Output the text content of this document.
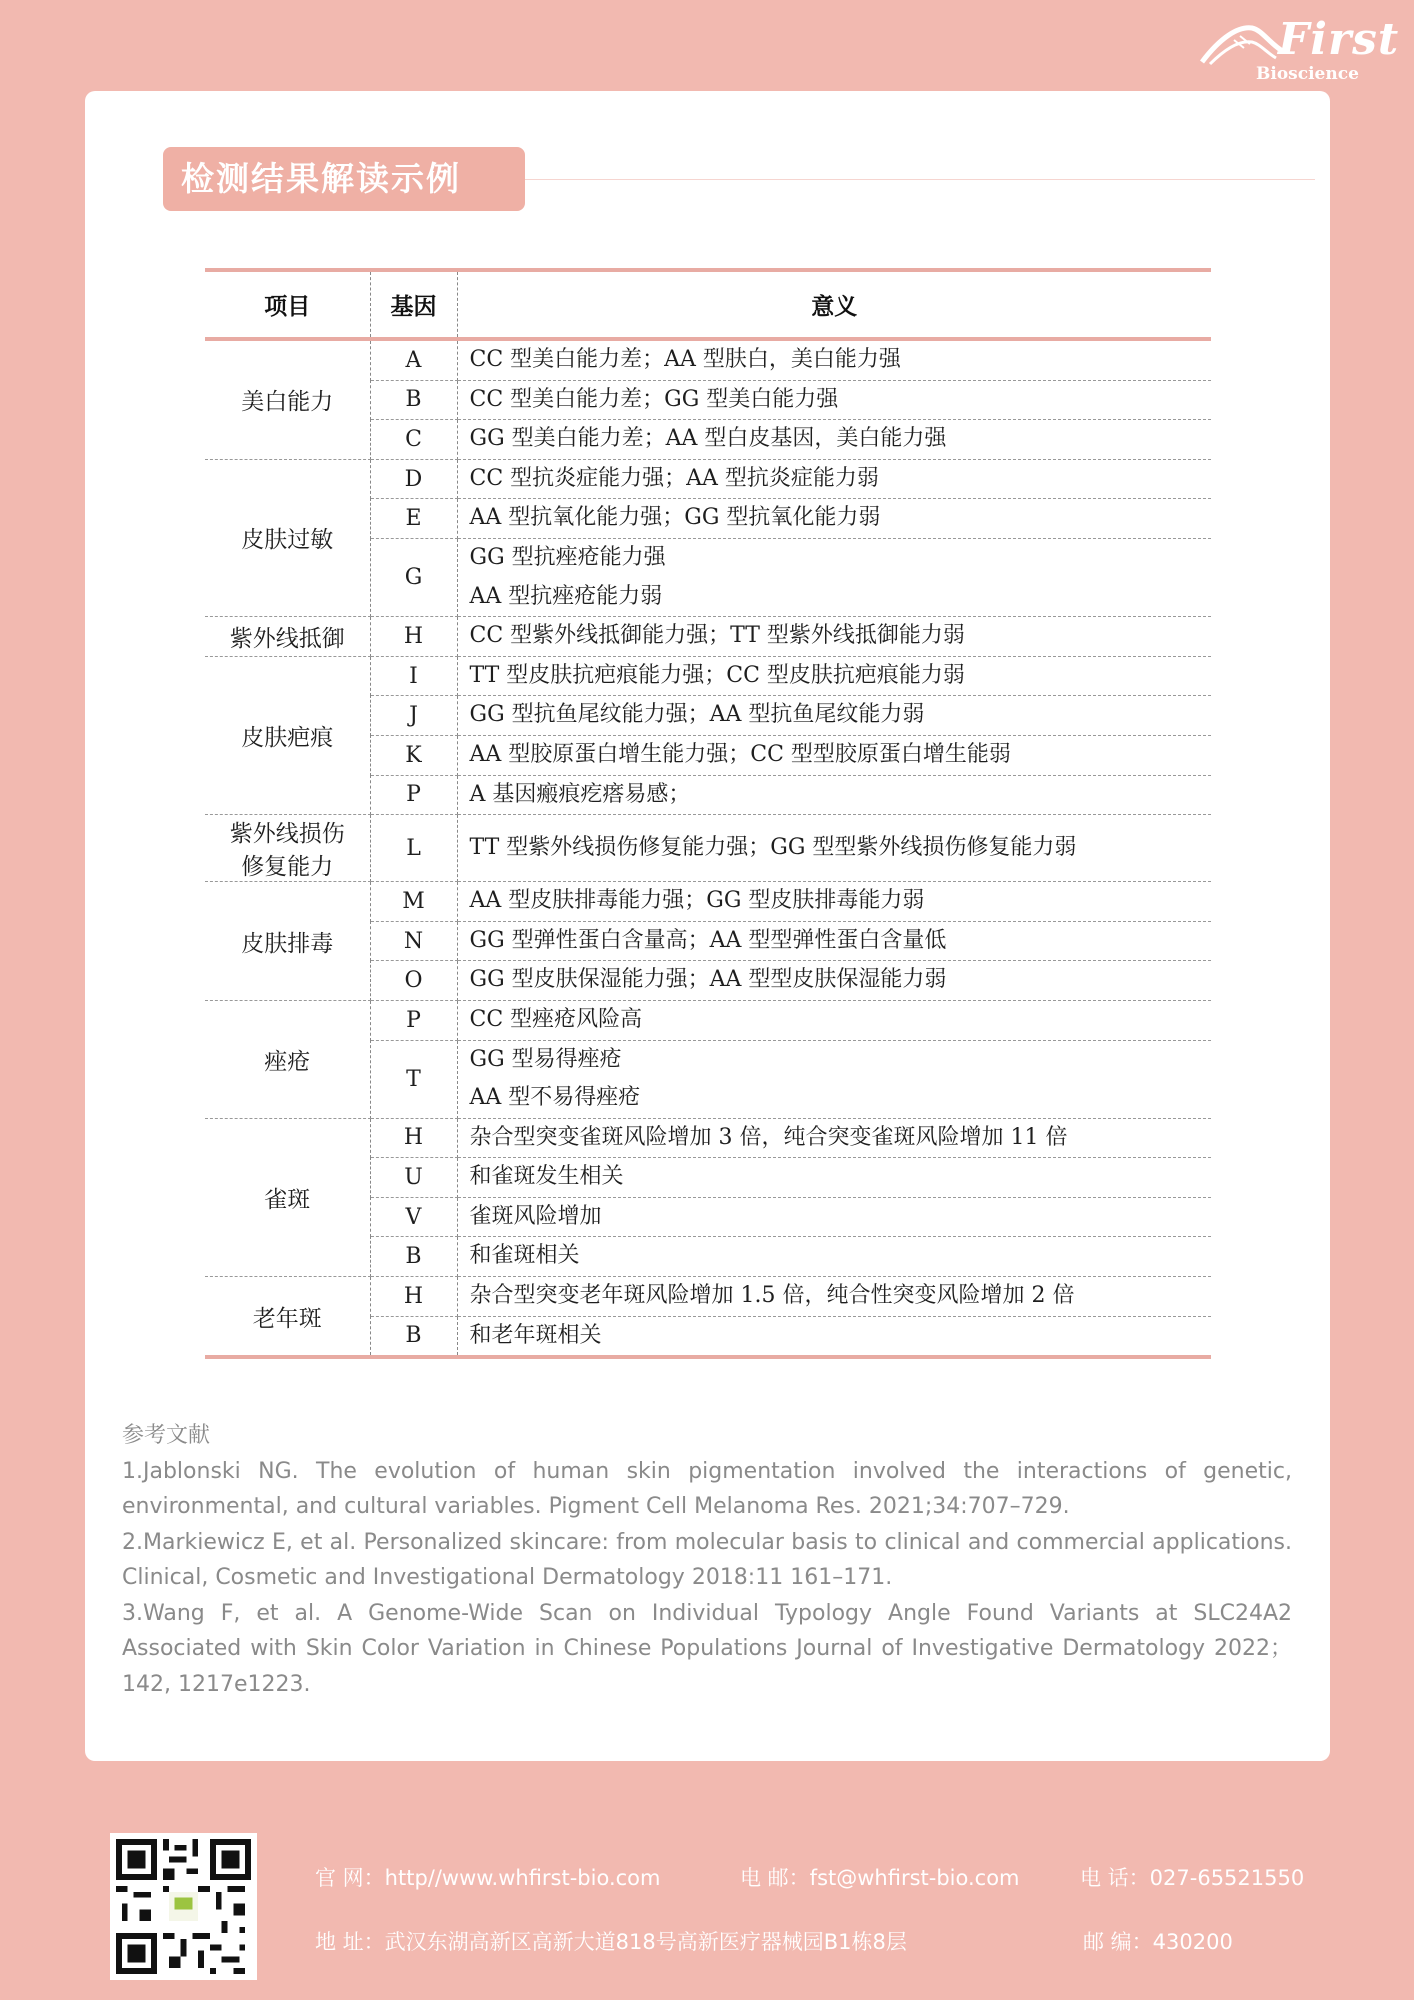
First
Bioscience
检测结果解读示例
项目	基因	意义
美白能力	A	CC 型美白能力差；AA 型肤白，美白能力强

	B	CC 型美白能力差；GG 型美白能力强

	C	GG 型美白能力差；AA 型白皮基因，美白能力强

皮肤过敏	D	CC 型抗炎症能力强；AA 型抗炎症能力弱

	E	AA 型抗氧化能力强；GG 型抗氧化能力弱

	G	GG 型抗痤疮能力强
AA 型抗痤疮能力弱

紫外线抵御	H	CC 型紫外线抵御能力强；TT 型紫外线抵御能力弱

皮肤疤痕	I	TT 型皮肤抗疤痕能力强；CC 型皮肤抗疤痕能力弱

	J	GG 型抗鱼尾纹能力强；AA 型抗鱼尾纹能力弱

	K	AA 型胶原蛋白增生能力强；CC 型型胶原蛋白增生能弱

	P	A 基因瘢痕疙瘩易感；

紫外线损伤
修复能力	L	TT 型紫外线损伤修复能力强；GG 型型紫外线损伤修复能力弱

皮肤排毒	M	AA 型皮肤排毒能力强；GG 型皮肤排毒能力弱

	N	GG 型弹性蛋白含量高；AA 型型弹性蛋白含量低

	O	GG 型皮肤保湿能力强；AA 型型皮肤保湿能力弱

痤疮	P	CC 型痤疮风险高

	T	GG 型易得痤疮
AA 型不易得痤疮

雀斑	H	杂合型突变雀斑风险增加 3 倍，纯合突变雀斑风险增加 11 倍

	U	和雀斑发生相关

	V	雀斑风险增加

	B	和雀斑相关

老年斑	H	杂合型突变老年斑风险增加 1.5 倍，纯合性突变风险增加 2 倍

	B	和老年斑相关

参考文献

1.Jablonski NG. The evolution of human skin pigmentation involved the interactions of genetic, environmental, and cultural variables. Pigment Cell Melanoma Res. 2021;34:707–729.

2.Markiewicz E, et al. Personalized skincare: from molecular basis to clinical and commercial applications. Clinical, Cosmetic and Investigational Dermatology 2018:11 161–171.

3.Wang F, et al. A Genome-Wide Scan on Individual Typology Angle Found Variants at SLC24A2 Associated with Skin Color Variation in Chinese Populations Journal of Investigative Dermatology 2022； 142, 1217e1223.

官 网：http//www.whfirst-bio.com	电 邮：fst@whfirst-bio.com	电 话：027-65521550
地 址：武汉东湖高新区高新大道818号高新医疗器械园B1栋8层	邮 编：430200
